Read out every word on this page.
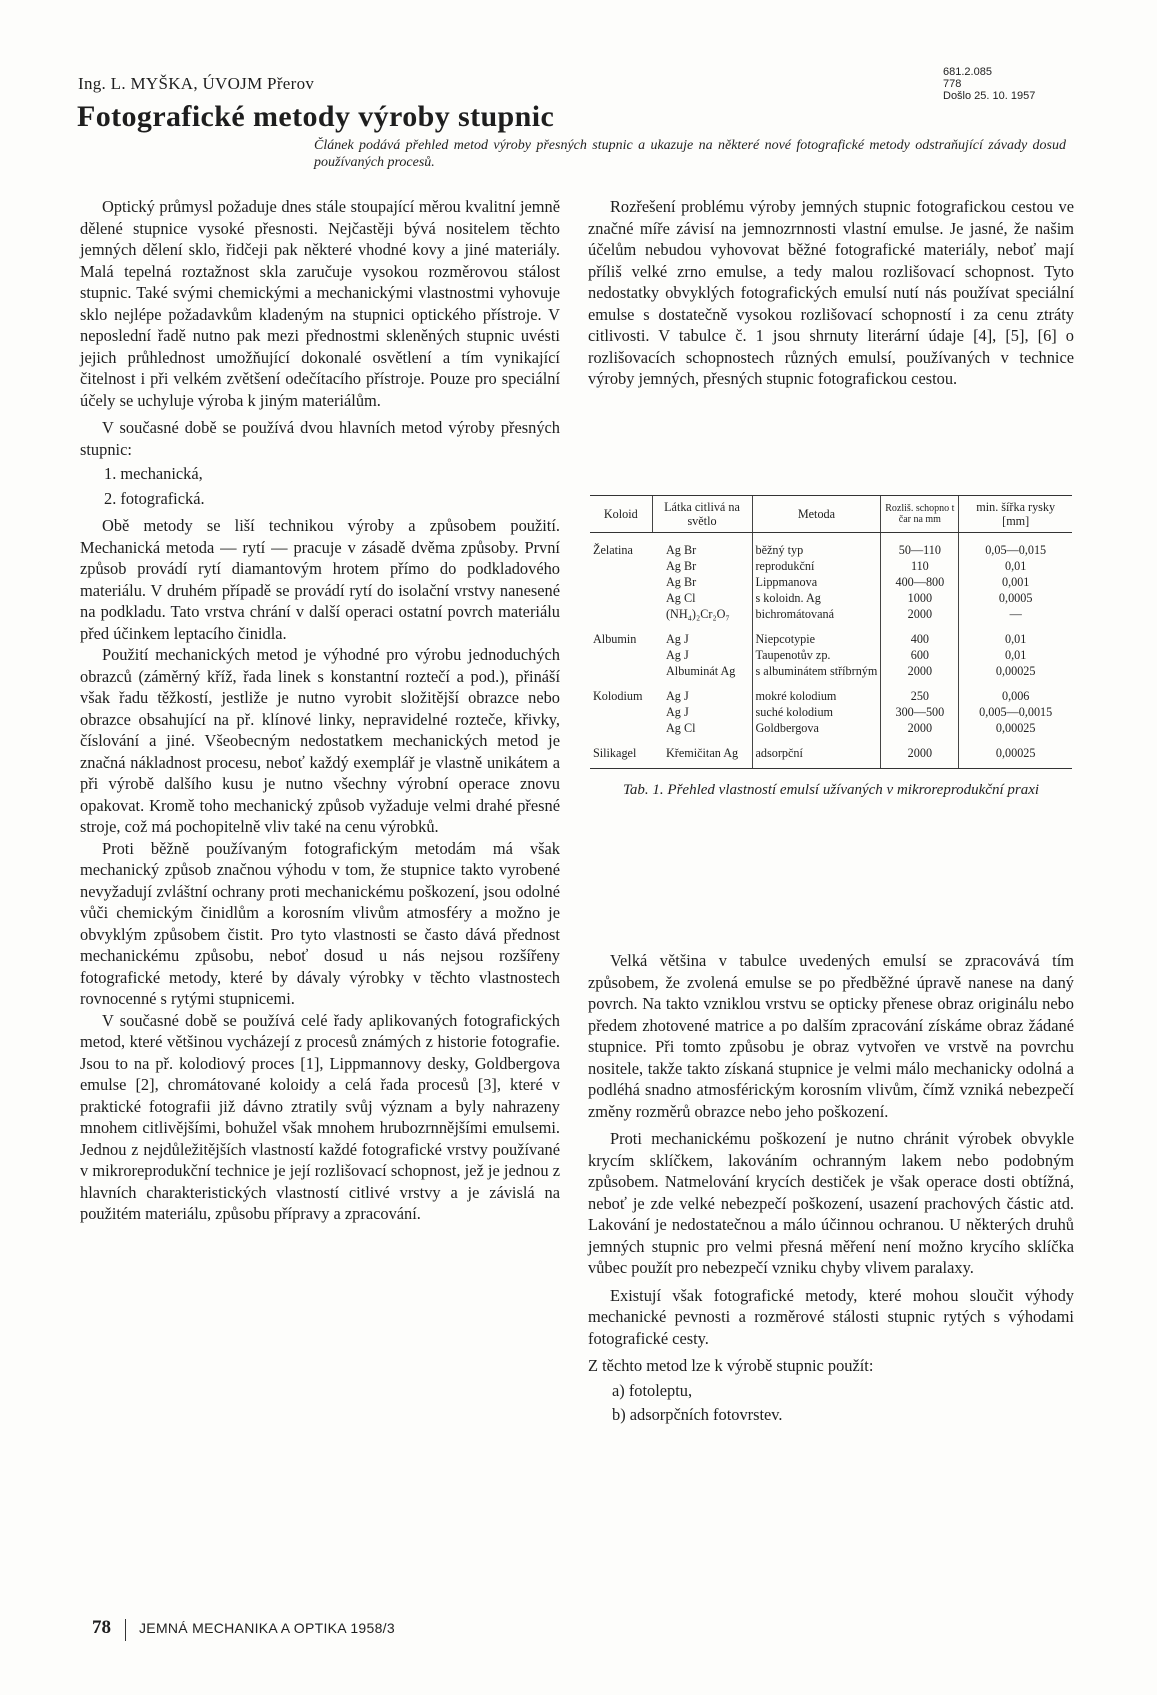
Ing. L. MYŠKA, ÚVOJM Přerov
681.2.085
778
Došlo 25. 10. 1957
Fotografické metody výroby stupnic
Článek podává přehled metod výroby přesných stupnic a ukazuje na některé nové fotografické metody odstraňující závady dosud používaných procesů.

Optický průmysl požaduje dnes stále stoupající měrou kvalitní jemně dělené stupnice vysoké přesnosti. Nejčastěji bývá nositelem těchto jemných dělení sklo, řidčeji pak některé vhodné kovy a jiné materiály. Malá tepelná roztažnost skla zaručuje vysokou rozměrovou stálost stupnic. Také svými chemickými a mechanickými vlastnostmi vyhovuje sklo nejlépe požadavkům kladeným na stupnici optického přístroje. V neposlední řadě nutno pak mezi přednostmi skleněných stupnic uvésti jejich průhlednost umožňující dokonalé osvětlení a tím vynikající čitelnost i při velkém zvětšení odečítacího přístroje. Pouze pro speciální účely se uchyluje výroba k jiným materiálům.

V současné době se používá dvou hlavních metod výroby přesných stupnic:

1. mechanická,

2. fotografická.

Obě metody se liší technikou výroby a způsobem použití. Mechanická metoda — rytí — pracuje v zásadě dvěma způsoby. První způsob provádí rytí diamantovým hrotem přímo do podkladového materiálu. V druhém případě se provádí rytí do isolační vrstvy nanesené na podkladu. Tato vrstva chrání v další operaci ostatní povrch materiálu před účinkem leptacího činidla.

Použití mechanických metod je výhodné pro výrobu jednoduchých obrazců (záměrný kříž, řada linek s konstantní roztečí a pod.), přináší však řadu těžkostí, jestliže je nutno vyrobit složitější obrazce nebo obrazce obsahující na př. klínové linky, nepravidelné rozteče, křivky, číslování a jiné. Všeobecným nedostatkem mechanických metod je značná nákladnost procesu, neboť každý exemplář je vlastně unikátem a při výrobě dalšího kusu je nutno všechny výrobní operace znovu opakovat. Kromě toho mechanický způsob vyžaduje velmi drahé přesné stroje, což má pochopitelně vliv také na cenu výrobků.

Proti běžně používaným fotografickým metodám má však mechanický způsob značnou výhodu v tom, že stupnice takto vyrobené nevyžadují zvláštní ochrany proti mechanickému poškození, jsou odolné vůči chemickým činidlům a korosním vlivům atmosféry a možno je obvyklým způsobem čistit. Pro tyto vlastnosti se často dává přednost mechanickému způsobu, neboť dosud u nás nejsou rozšířeny fotografické metody, které by dávaly výrobky v těchto vlastnostech rovnocenné s rytými stupnicemi.

V současné době se používá celé řady aplikovaných fotografických metod, které většinou vycházejí z procesů známých z historie fotografie. Jsou to na př. kolodiový proces [1], Lippmannovy desky, Goldbergova emulse [2], chromátované koloidy a celá řada procesů [3], které v praktické fotografii již dávno ztratily svůj význam a byly nahrazeny mnohem citlivějšími, bohužel však mnohem hrubozrnnějšími emulsemi. Jednou z nejdůležitějších vlastností každé fotografické vrstvy používané v mikroreprodukční technice je její rozlišovací schopnost, jež je jednou z hlavních charakteristických vlastností citlivé vrstvy a je závislá na použitém materiálu, způsobu přípravy a zpracování.

Rozřešení problému výroby jemných stupnic fotografickou cestou ve značné míře závisí na jemnozrnnosti vlastní emulse. Je jasné, že našim účelům nebudou vyhovovat běžné fotografické materiály, neboť mají příliš velké zrno emulse, a tedy malou rozlišovací schopnost. Tyto nedostatky obvyklých fotografických emulsí nutí nás používat speciální emulse s dostatečně vysokou rozlišovací schopností i za cenu ztráty citlivosti. V tabulce č. 1 jsou shrnuty literární údaje [4], [5], [6] o rozlišovacích schopnostech různých emulsí, používaných v technice výroby jemných, přesných stupnic fotografickou cestou.

Koloid	Látka citlivá na světlo	Metoda	Rozliš. schopno t čar na mm	min. šířka rysky [mm]
Želatina	Ag Br	běžný typ	50—110	0,05—0,015
	Ag Br	reprodukční	110	0,01
	Ag Br	Lippmanova	400—800	0,001
	Ag Cl	s koloidn. Ag	1000	0,0005
	(NH₄)₂Cr₂O₇	bichromátovaná	2000	—
Albumin	Ag J	Niepcotypie	400	0,01
	Ag J	Taupenotův zp.	600	0,01
	Albuminát Ag	s albuminátem stříbrným	2000	0,00025
Kolodium	Ag J	mokré kolodium	250	0,006
	Ag J	suché kolodium	300—500	0,005—0,0015
	Ag Cl	Goldbergova	2000	0,00025
Silikagel	Křemičitan Ag	adsorpční	2000	0,00025
Tab. 1. Přehled vlastností emulsí užívaných v mikroreprodukční praxi

Velká většina v tabulce uvedených emulsí se zpracovává tím způsobem, že zvolená emulse se po předběžné úpravě nanese na daný povrch. Na takto vzniklou vrstvu se opticky přenese obraz originálu nebo předem zhotovené matrice a po dalším zpracování získáme obraz žádané stupnice. Při tomto způsobu je obraz vytvořen ve vrstvě na povrchu nositele, takže takto získaná stupnice je velmi málo mechanicky odolná a podléhá snadno atmosférickým korosním vlivům, čímž vzniká nebezpečí změny rozměrů obrazce nebo jeho poškození.

Proti mechanickému poškození je nutno chránit výrobek obvykle krycím sklíčkem, lakováním ochranným lakem nebo podobným způsobem. Natmelování krycích destiček je však operace dosti obtížná, neboť je zde velké nebezpečí poškození, usazení prachových částic atd. Lakování je nedostatečnou a málo účinnou ochranou. U některých druhů jemných stupnic pro velmi přesná měření není možno krycího sklíčka vůbec použít pro nebezpečí vzniku chyby vlivem paralaxy.

Existují však fotografické metody, které mohou sloučit výhody mechanické pevnosti a rozměrové stálosti stupnic rytých s výhodami fotografické cesty.

Z těchto metod lze k výrobě stupnic použít:

a) fotoleptu,

b) adsorpčních fotovrstev.

78 JEMNÁ MECHANIKA A OPTIKA 1958/3
